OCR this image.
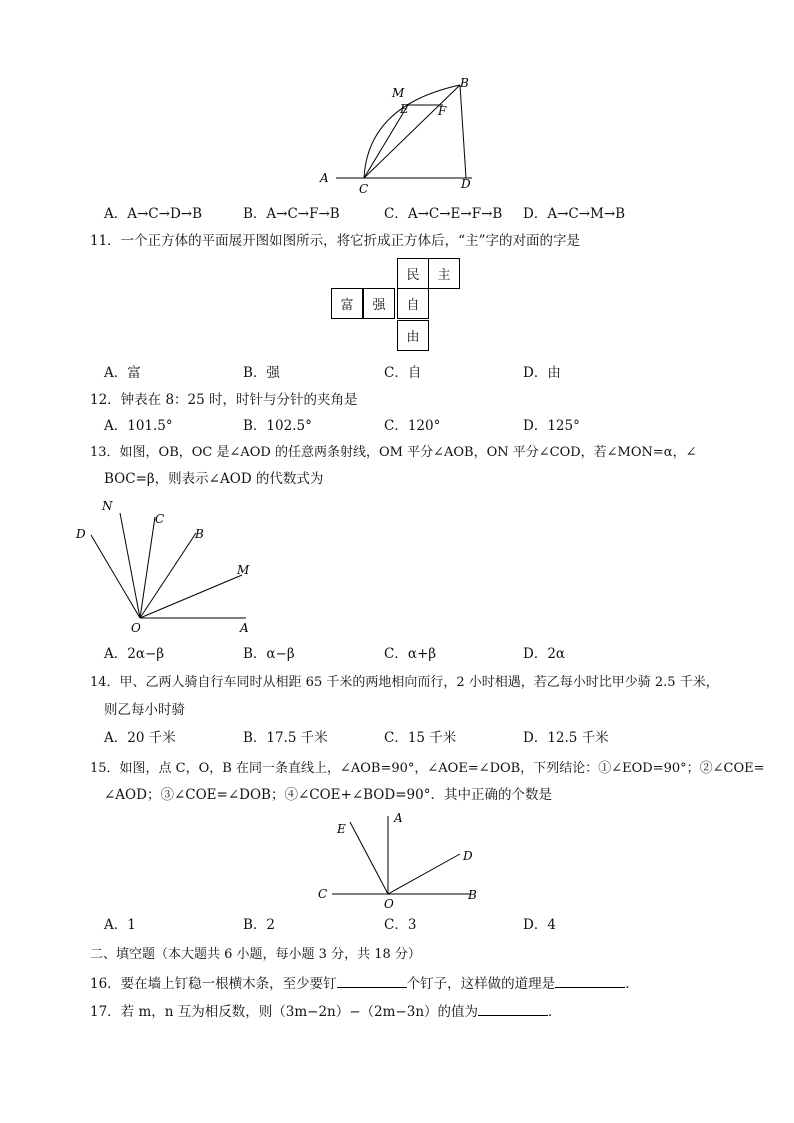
M
B
E F
A
C	D
A．A→C→D→B	B．A→C→F→B	C．A→C→E→F→B D．A→C→M→B
11．一个正方体的平面展开图如图所示，将它折成正方体后，“主”字的对面的字是
民	主
富	强	自
由
A．富	B．强	C．自	D．由
12．钟表在 8：25 时，时针与分针的夹角是
A．101.5°	B．102.5°	C．120°	D．125°
13．如图，OB，OC 是∠AOD 的任意两条射线，OM 平分∠AOB，ON 平分∠COD，若∠MON=α，∠
BOC=β，则表示∠AOD 的代数式为
N
C
B
D
M
O	A
A．2α−β	B．α−β	C．α+β	D．2α
14．甲、乙两人骑自行车同时从相距 65 千米的两地相向而行，2 小时相遇，若乙每小时比甲少骑 2.5 千米，
则乙每小时骑
A．20 千米	B．17.5 千米	C．15 千米	D．12.5 千米
15．如图，点 C，O，B 在同一条直线上，∠AOB=90°，∠AOE=∠DOB，下列结论：①∠EOD=90°；②∠COE=
∠AOD；③∠COE=∠DOB；④∠COE+∠BOD=90°．其中正确的个数是
E
A
D
C
O
B
A．1	B．2	C．3	D．4
二、填空题（本大题共 6 小题，每小题 3 分，共 18 分）
16．要在墙上钉稳一根横木条，至少要钉	个钉子，这样做的道理是	．
17．若 m，n 互为相反数，则（3m−2n）−（2m−3n）的值为	．
